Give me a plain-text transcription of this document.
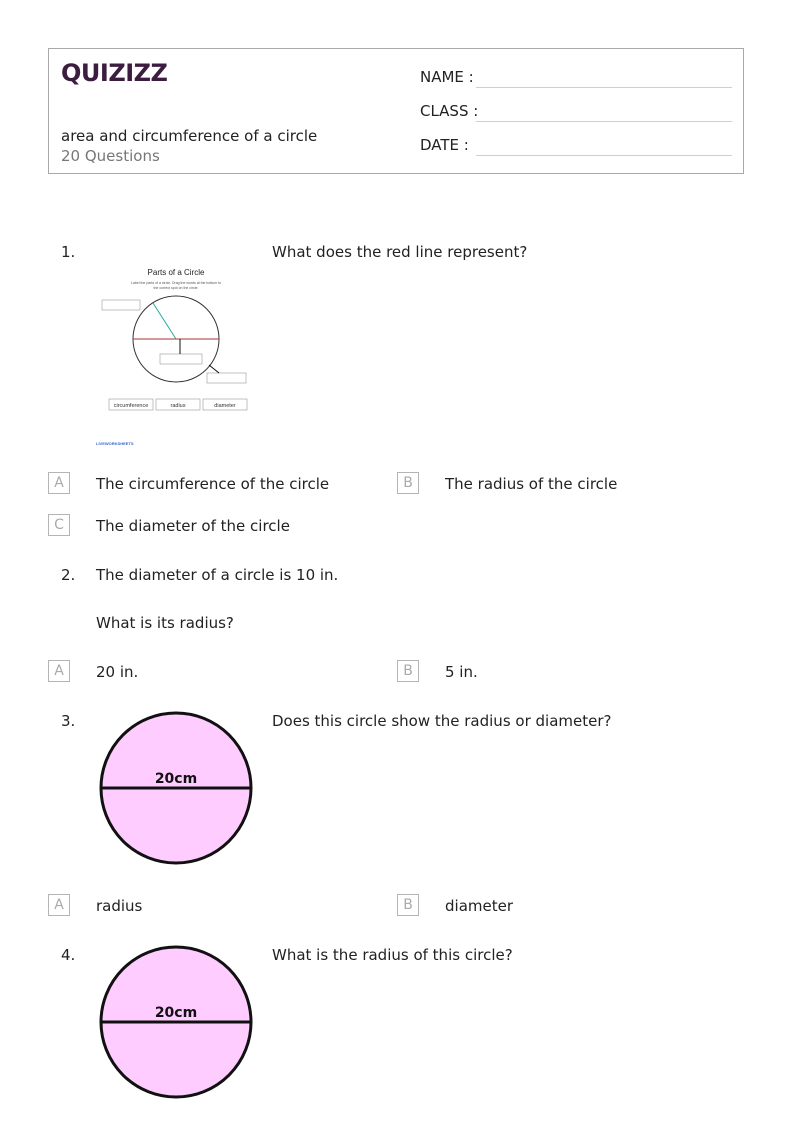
QUIZIZZ
area and circumference of a circle
20 Questions
NAME :
CLASS :
DATE :
1.	What does the red line represent?
Parts of a Circle
Label the parts of a circle. Drag the words at the bottom to
the correct spot on the circle.
circumference	radius	diameter
LIVEWORKSHEETS
A	The circumference of the circle	B	The radius of the circle
C	The diameter of the circle
2. The diameter of a circle is 10 in.
What is its radius?
A	20 in.	B	5 in.
3.	Does this circle show the radius or diameter?
20cm
A	radius	B	diameter
4.	What is the radius of this circle?
20cm
